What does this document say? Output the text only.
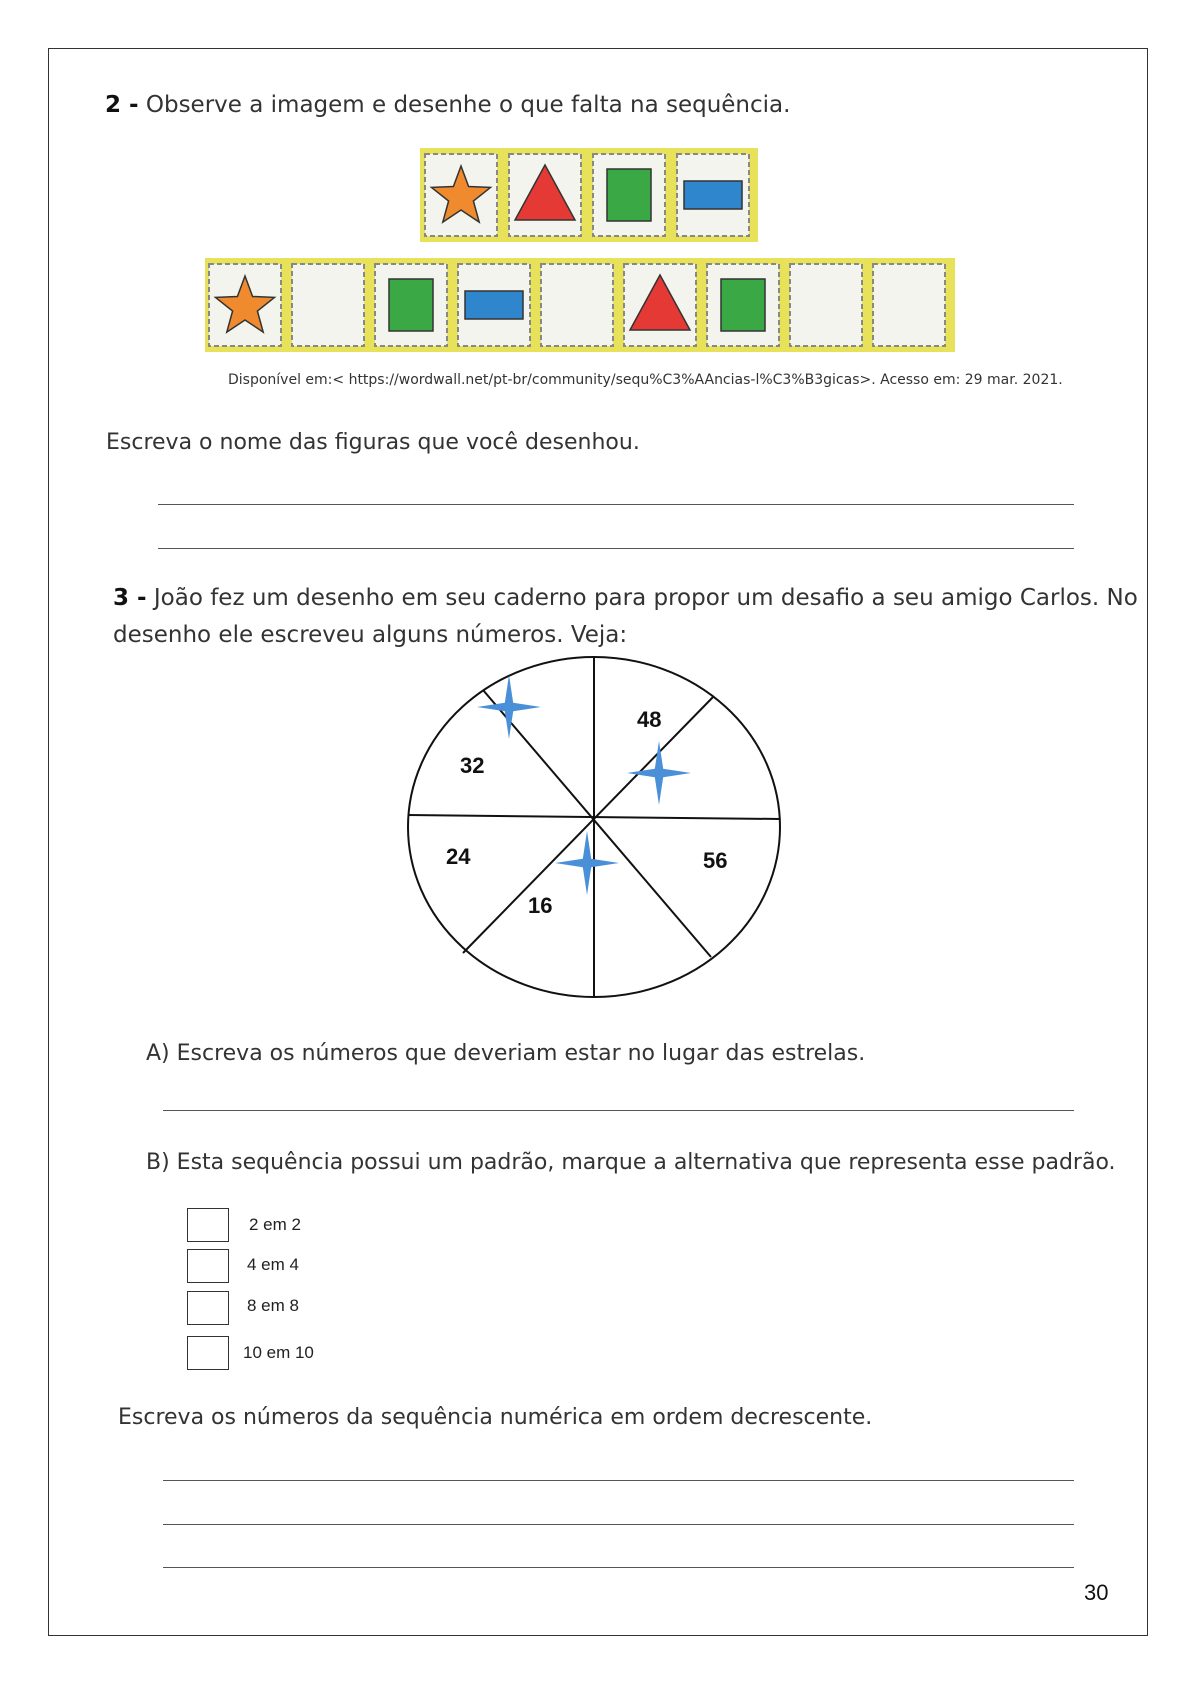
2 - Observe a imagem e desenhe o que falta na sequência.
Disponível em:< https://wordwall.net/pt-br/community/sequ%C3%AAncias-l%C3%B3gicas>. Acesso em: 29 mar. 2021.
Escreva o nome das figuras que você desenhou.
3 - João fez um desenho em seu caderno para propor um desafio a seu amigo Carlos. No
desenho ele escreveu alguns números. Veja:
48
32
24
16
56
A) Escreva os números que deveriam estar no lugar das estrelas.
B) Esta sequência possui um padrão, marque a alternativa que representa esse padrão.
2 em 2
4 em 4
8 em 8
10 em 10
Escreva os números da sequência numérica em ordem decrescente.
30
